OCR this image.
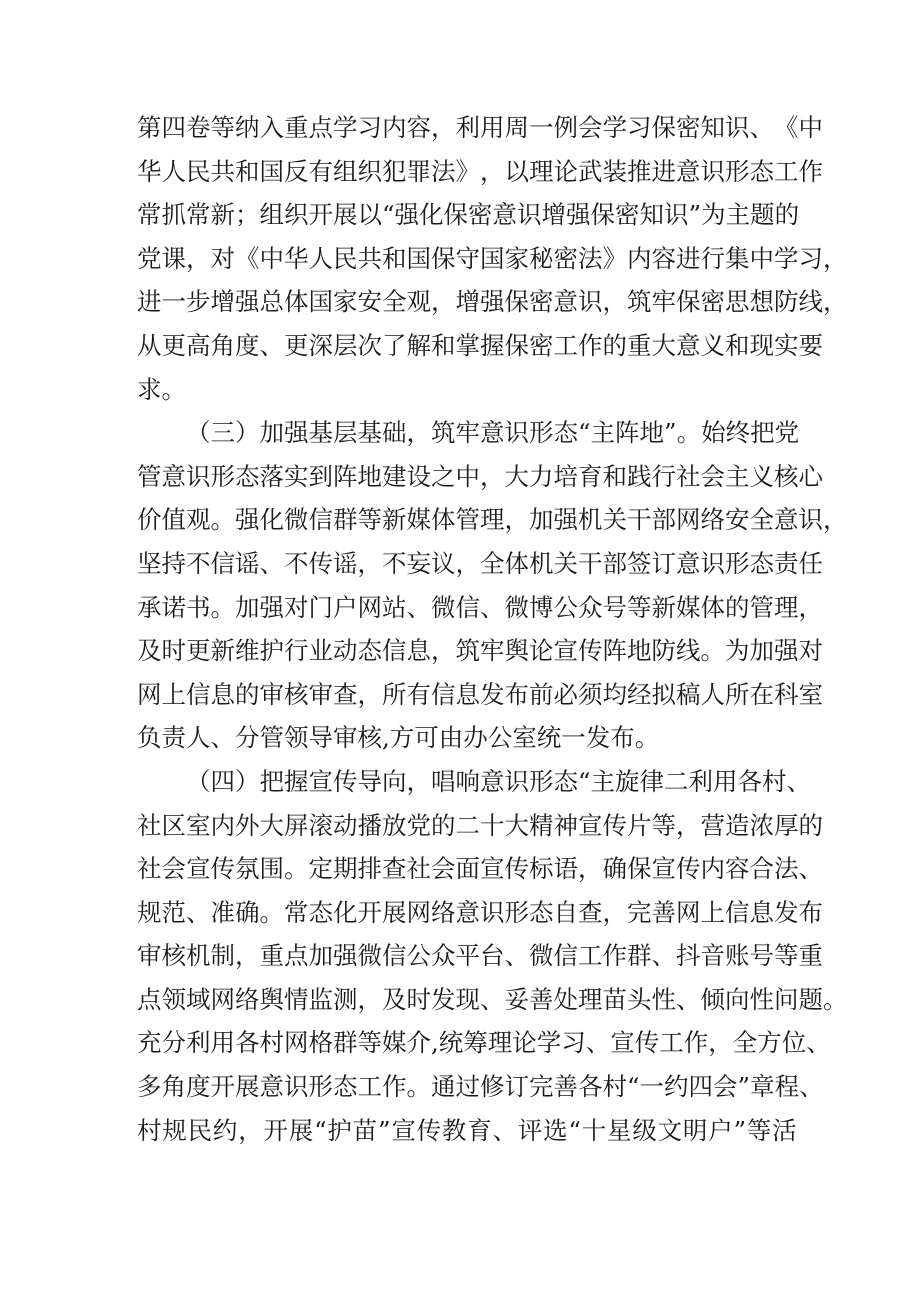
第 四 卷 等 纳 入 重 点 学 习 内 容 ， 利 用 周 一 例 会 学 习 保 密 知 识 、 《 中
华 人 民 共 和 国 反 有 组 织 犯 罪 法 》 ， 以 理 论 武 装 推 进 意 识 形 态 工 作
常 抓 常 新 ； 组 织 开 展 以 “ 强 化 保 密 意 识 增 强 保 密 知 识 ” 为 主 题 的
党 课 ， 对 《 中 华 人 民 共 和 国 保 守 国 家 秘 密 法 》 内 容 进 行 集 中 学 习 ，
进 一 步 增 强 总 体 国 家 安 全 观 ， 增 强 保 密 意 识 ， 筑 牢 保 密 思 想 防 线 ，
从 更 高 角 度 、 更 深 层 次 了 解 和 掌 握 保 密 工 作 的 重 大 意 义 和 现 实 要
求。
（ 三 ） 加 强 基 层 基 础 ， 筑 牢 意 识 形 态 “ 主 阵 地 ” 。 始 终 把 党
管 意 识 形 态 落 实 到 阵 地 建 设 之 中 ， 大 力 培 育 和 践 行 社 会 主 义 核 心
价 值 观 。 强 化 微 信 群 等 新 媒 体 管 理 ， 加 强 机 关 干 部 网 络 安 全 意 识 ，
坚 持 不 信 谣 、 不 传 谣 ， 不 妄 议 ， 全 体 机 关 干 部 签 订 意 识 形 态 责 任
承 诺 书 。 加 强 对 门 户 网 站 、 微 信 、 微 博 公 众 号 等 新 媒 体 的 管 理 ，
及 时 更 新 维 护 行 业 动 态 信 息 ， 筑 牢 舆 论 宣 传 阵 地 防 线 。 为 加 强 对
网 上 信 息 的 审 核 审 查 ， 所 有 信 息 发 布 前 必 须 均 经 拟 稿 人 所 在 科 室
负责人、分管领导审核,方可由办公室统一发布。
（ 四 ） 把 握 宣 传 导 向 ， 唱 响 意 识 形 态 “ 主 旋 律 二 利 用 各 村 、
社 区 室 内 外 大 屏 滚 动 播 放 党 的 二 十 大 精 神 宣 传 片 等 ， 营 造 浓 厚 的
社 会 宣 传 氛 围 。 定 期 排 查 社 会 面 宣 传 标 语 ， 确 保 宣 传 内 容 合 法 、
规 范 、 准 确 。 常 态 化 开 展 网 络 意 识 形 态 自 查 ， 完 善 网 上 信 息 发 布
审 核 机 制 ， 重 点 加 强 微 信 公 众 平 台 、 微 信 工 作 群 、 抖 音 账 号 等 重
点 领 域 网 络 舆 情 监 测 ， 及 时 发 现 、 妥 善 处 理 苗 头 性 、 倾 向 性 问 题 。
充 分 利 用 各 村 网 格 群 等 媒 介 , 统 筹 理 论 学 习 、 宣 传 工 作 ， 全 方 位 、
多 角 度 开 展 意 识 形 态 工 作 。 通 过 修 订 完 善 各 村 “ 一 约 四 会 ” 章 程 、
村 规 民 约 ， 开 展 “ 护 苗 ” 宣 传 教 育 、 评 选 “ 十 星 级 文 明 户 ” 等 活
